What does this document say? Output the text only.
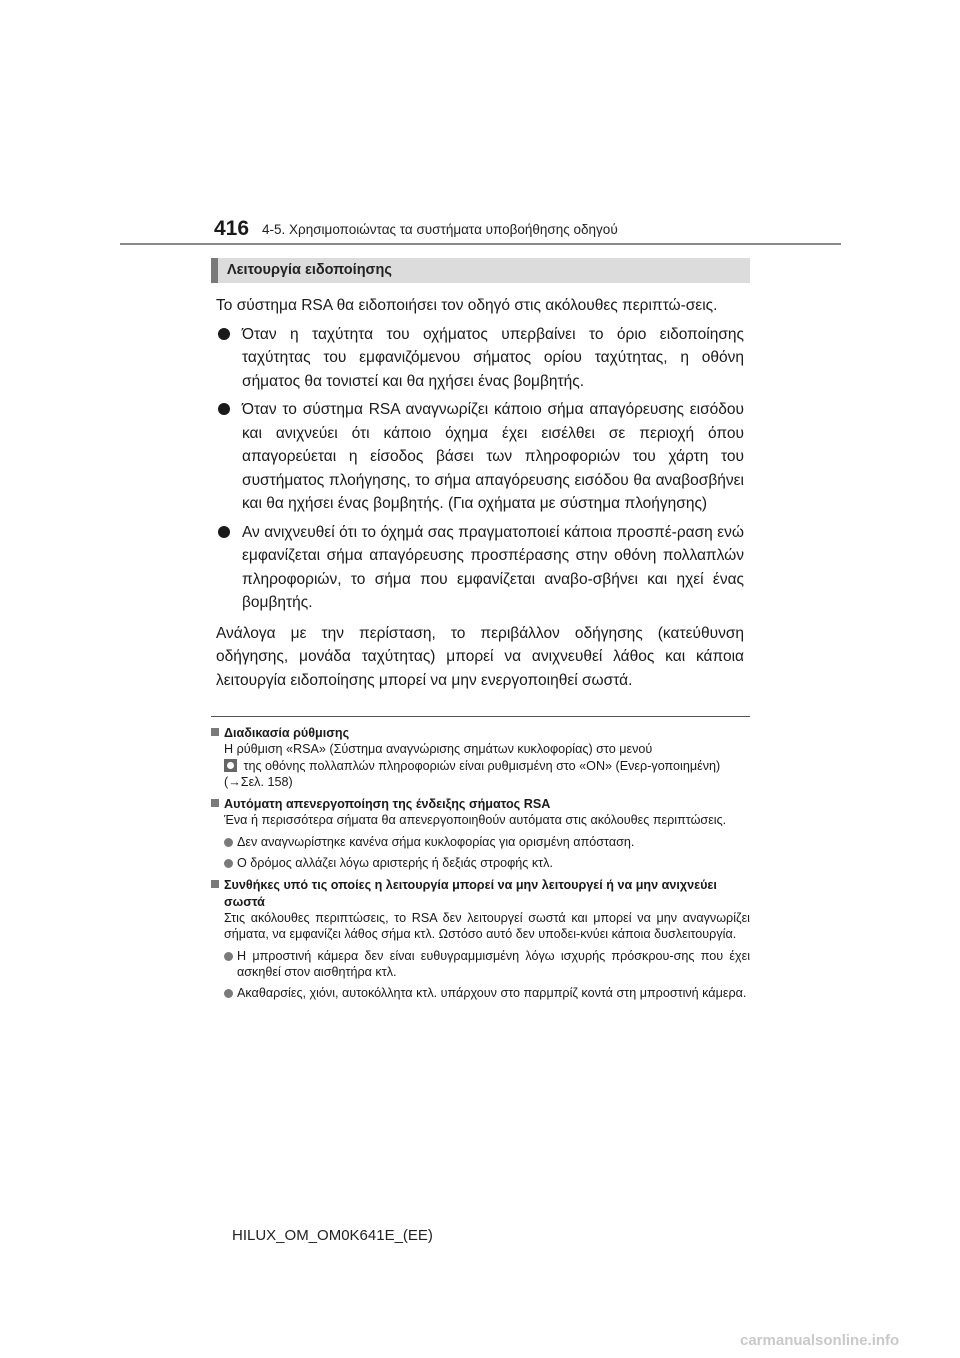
416 4-5. Χρησιμοποιώντας τα συστήματα υποβοήθησης οδηγού
Λειτουργία ειδοποίησης

Το σύστημα RSA θα ειδοποιήσει τον οδηγό στις ακόλουθες περιπτώ-σεις.

Όταν η ταχύτητα του οχήματος υπερβαίνει το όριο ειδοποίησης ταχύτητας του εμφανιζόμενου σήματος ορίου ταχύτητας, η οθόνη σήματος θα τονιστεί και θα ηχήσει ένας βομβητής.
Όταν το σύστημα RSA αναγνωρίζει κάποιο σήμα απαγόρευσης εισόδου και ανιχνεύει ότι κάποιο όχημα έχει εισέλθει σε περιοχή όπου απαγορεύεται η είσοδος βάσει των πληροφοριών του χάρτη του συστήματος πλοήγησης, το σήμα απαγόρευσης εισόδου θα αναβοσβήνει και θα ηχήσει ένας βομβητής. (Για οχήματα με σύστημα πλοήγησης)
Αν ανιχνευθεί ότι το όχημά σας πραγματοποιεί κάποια προσπέ-ραση ενώ εμφανίζεται σήμα απαγόρευσης προσπέρασης στην οθόνη πολλαπλών πληροφοριών, το σήμα που εμφανίζεται αναβο-σβήνει και ηχεί ένας βομβητής.

Ανάλογα με την περίσταση, το περιβάλλον οδήγησης (κατεύθυνση οδήγησης, μονάδα ταχύτητας) μπορεί να ανιχνευθεί λάθος και κάποια λειτουργία ειδοποίησης μπορεί να μην ενεργοποιηθεί σωστά.

Διαδικασία ρύθμισης
Η ρύθμιση «RSA» (Σύστημα αναγνώρισης σημάτων κυκλοφορίας) στο μενού
της οθόνης πολλαπλών πληροφοριών είναι ρυθμισμένη στο «ON» (Ενερ-γοποιημένη)
(→Σελ. 158)
Αυτόματη απενεργοποίηση της ένδειξης σήματος RSA
Ένα ή περισσότερα σήματα θα απενεργοποιηθούν αυτόματα στις ακόλουθες περιπτώσεις.
Δεν αναγνωρίστηκε κανένα σήμα κυκλοφορίας για ορισμένη απόσταση.
Ο δρόμος αλλάζει λόγω αριστερής ή δεξιάς στροφής κτλ.
Συνθήκες υπό τις οποίες η λειτουργία μπορεί να μην λειτουργεί ή να μην ανιχνεύει σωστά
Στις ακόλουθες περιπτώσεις, το RSA δεν λειτουργεί σωστά και μπορεί να μην αναγνωρίζει σήματα, να εμφανίζει λάθος σήμα κτλ. Ωστόσο αυτό δεν υποδει-κνύει κάποια δυσλειτουργία.
Η μπροστινή κάμερα δεν είναι ευθυγραμμισμένη λόγω ισχυρής πρόσκρου-σης που έχει ασκηθεί στον αισθητήρα κτλ.
Ακαθαρσίες, χιόνι, αυτοκόλλητα κτλ. υπάρχουν στο παρμπρίζ κοντά στη μπροστινή κάμερα.
HILUX_OM_OM0K641E_(EE)
carmanualsonline.info
